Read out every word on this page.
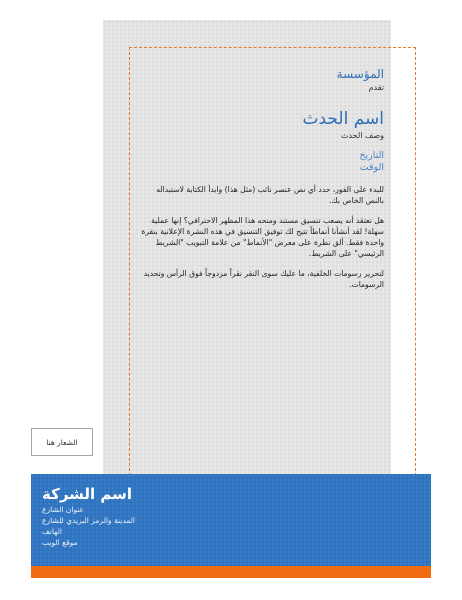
المؤسسة
تقدم
اسم الحدث
وصف الحدث
التاريخ
الوقت

للبدء على الفور، حدد أي نص عنصر نائب (مثل هذا) وابدأ الكتابة لاستبداله بالنص الخاص بك.

هل تعتقد أنه يصعب تنسيق مستند ومنحه هذا المظهر الاحترافي؟ إنها عملية سهلة! لقد أنشأنا أنماطاً تتيح لك توفيق التنسيق في هذه النشرة الإعلانية بنقرة واحدة فقط. ألق نظرة على معرض "الأنماط" من علامة التبويب "الشريط الرئيسي" على الشريط.

لتحرير رسومات الخلفية، ما عليك سوى النقر نقراً مزدوجاً فوق الرأس وتحديد الرسومات.

الشعار هنا
اسم الشركة
عنوان الشارع
المدينة والرمز البريدي للشارع
الهاتف
موقع الويب
